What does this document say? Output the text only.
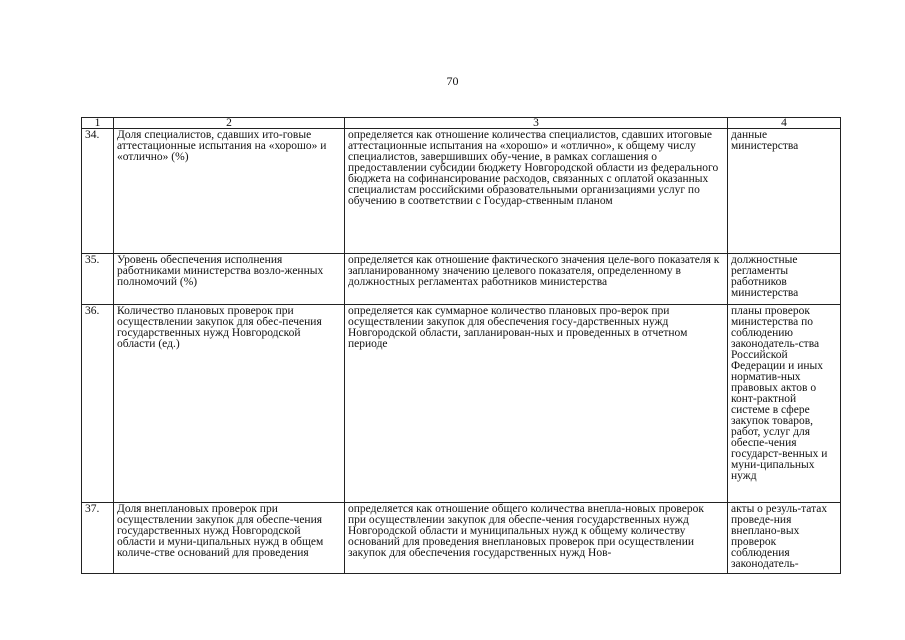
70
1	2	3	4
34.	Доля специалистов, сдавших ито-говые аттестационные испытания на «хорошо» и «отлично» (%)	определяется как отношение количества специалистов, сдавших итоговые аттестационные испытания на «хорошо» и «отлично», к общему числу специалистов, завершивших обу-чение, в рамках соглашения о предоставлении субсидии бюджету Новгородской области из федерального бюджета на софинансирование расходов, связанных с оплатой оказанных специалистам российскими образовательными организациями услуг по обучению в соответствии с Государ-ственным планом	данные министерства
35.	Уровень обеспечения исполнения работниками министерства возло-женных полномочий (%)	определяется как отношение фактического значения целе-вого показателя к запланированному значению целевого показателя, определенному в должностных регламентах работников министерства	должностные регламенты работников министерства
36.	Количество плановых проверок при осуществлении закупок для обес-печения государственных нужд Новгородской области (ед.)	определяется как суммарное количество плановых про-верок при осуществлении закупок для обеспечения госу-дарственных нужд Новгородской области, запланирован-ных и проведенных в отчетном периоде	планы проверок министерства по соблюдению законодатель-ства Российской Федерации и иных норматив-ных правовых актов о конт-рактной системе в сфере закупок товаров, работ, услуг для обеспе-чения государст-венных и муни-ципальных нужд
37.	Доля внеплановых проверок при осуществлении закупок для обеспе-чения государственных нужд Новгородской области и муни-ципальных нужд в общем количе-стве оснований для проведения	определяется как отношение общего количества внепла-новых проверок при осуществлении закупок для обеспе-чения государственных нужд Новгородской области и муниципальных нужд к общему количеству оснований для проведения внеплановых проверок при осуществлении закупок для обеспечения государственных нужд Нов-	акты о резуль-татах проведе-ния внеплано-вых проверок соблюдения законодатель-
